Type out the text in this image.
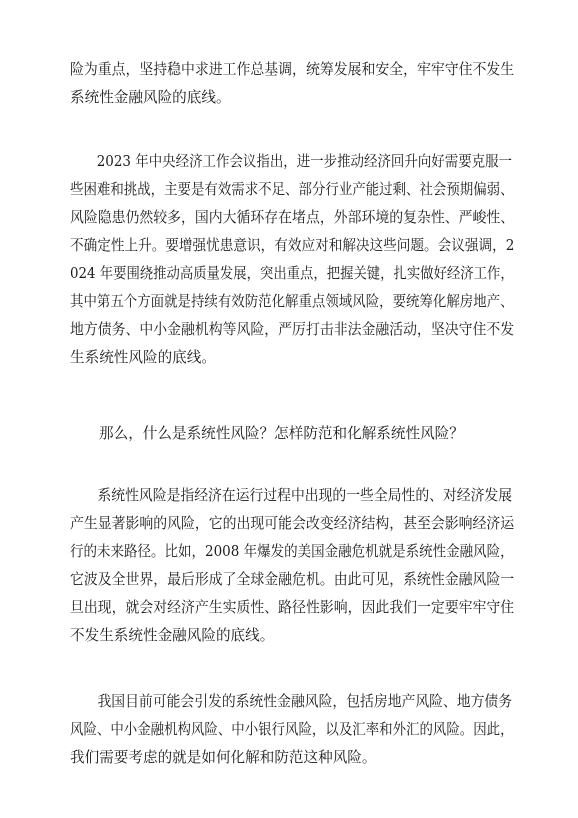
险为重点，坚持稳中求进工作总基调，统筹发展和安全，牢牢守住不发生
系统性金融风险的底线。
2023 年中央经济工作会议指出，进一步推动经济回升向好需要克服一
些困难和挑战，主要是有效需求不足、部分行业产能过剩、社会预期偏弱、
风险隐患仍然较多，国内大循环存在堵点，外部环境的复杂性、严峻性、
不确定性上升。要增强忧患意识，有效应对和解决这些问题。会议强调，2
024 年要围绕推动高质量发展，突出重点，把握关键，扎实做好经济工作，
其中第五个方面就是持续有效防范化解重点领域风险，要统筹化解房地产、
地方债务、中小金融机构等风险，严厉打击非法金融活动，坚决守住不发
生系统性风险的底线。
那么，什么是系统性风险？怎样防范和化解系统性风险？
系统性风险是指经济在运行过程中出现的一些全局性的、对经济发展
产生显著影响的风险，它的出现可能会改变经济结构，甚至会影响经济运
行的未来路径。比如，2008 年爆发的美国金融危机就是系统性金融风险，
它波及全世界，最后形成了全球金融危机。由此可见，系统性金融风险一
旦出现，就会对经济产生实质性、路径性影响，因此我们一定要牢牢守住
不发生系统性金融风险的底线。
我国目前可能会引发的系统性金融风险，包括房地产风险、地方债务
风险、中小金融机构风险、中小银行风险，以及汇率和外汇的风险。因此，
我们需要考虑的就是如何化解和防范这种风险。
